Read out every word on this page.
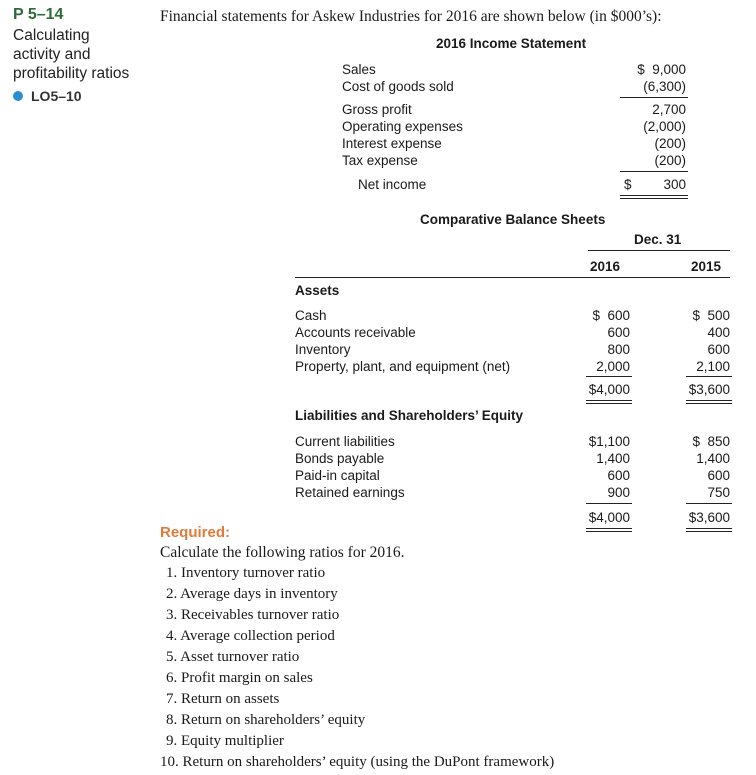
P 5–14
Calculating
activity and
profitability ratios
LO5–10
Financial statements for Askew Industries for 2016 are shown below (in $000’s):
2016 Income Statement
Sales	$  9,000
Cost of goods sold	(6,300)
Gross profit	2,700
Operating expenses	(2,000)
Interest expense	(200)
Tax expense	(200)
Net income	$	300
Comparative Balance Sheets
Dec. 31
2016	2015
Assets
Cash	$  600	$  500
Accounts receivable	600	400
Inventory	800	600
Property, plant, and equipment (net)	2,000	2,100
$4,000	$3,600
Liabilities and Shareholders’ Equity
Current liabilities	$1,100	$  850
Bonds payable	1,400	1,400
Paid-in capital	600	600
Retained earnings	900	750
$4,000	$3,600
Required:
Calculate the following ratios for 2016.
1. Inventory turnover ratio
2. Average days in inventory
3. Receivables turnover ratio
4. Average collection period
5. Asset turnover ratio
6. Profit margin on sales
7. Return on assets
8. Return on shareholders’ equity
9. Equity multiplier
10. Return on shareholders’ equity (using the DuPont framework)
